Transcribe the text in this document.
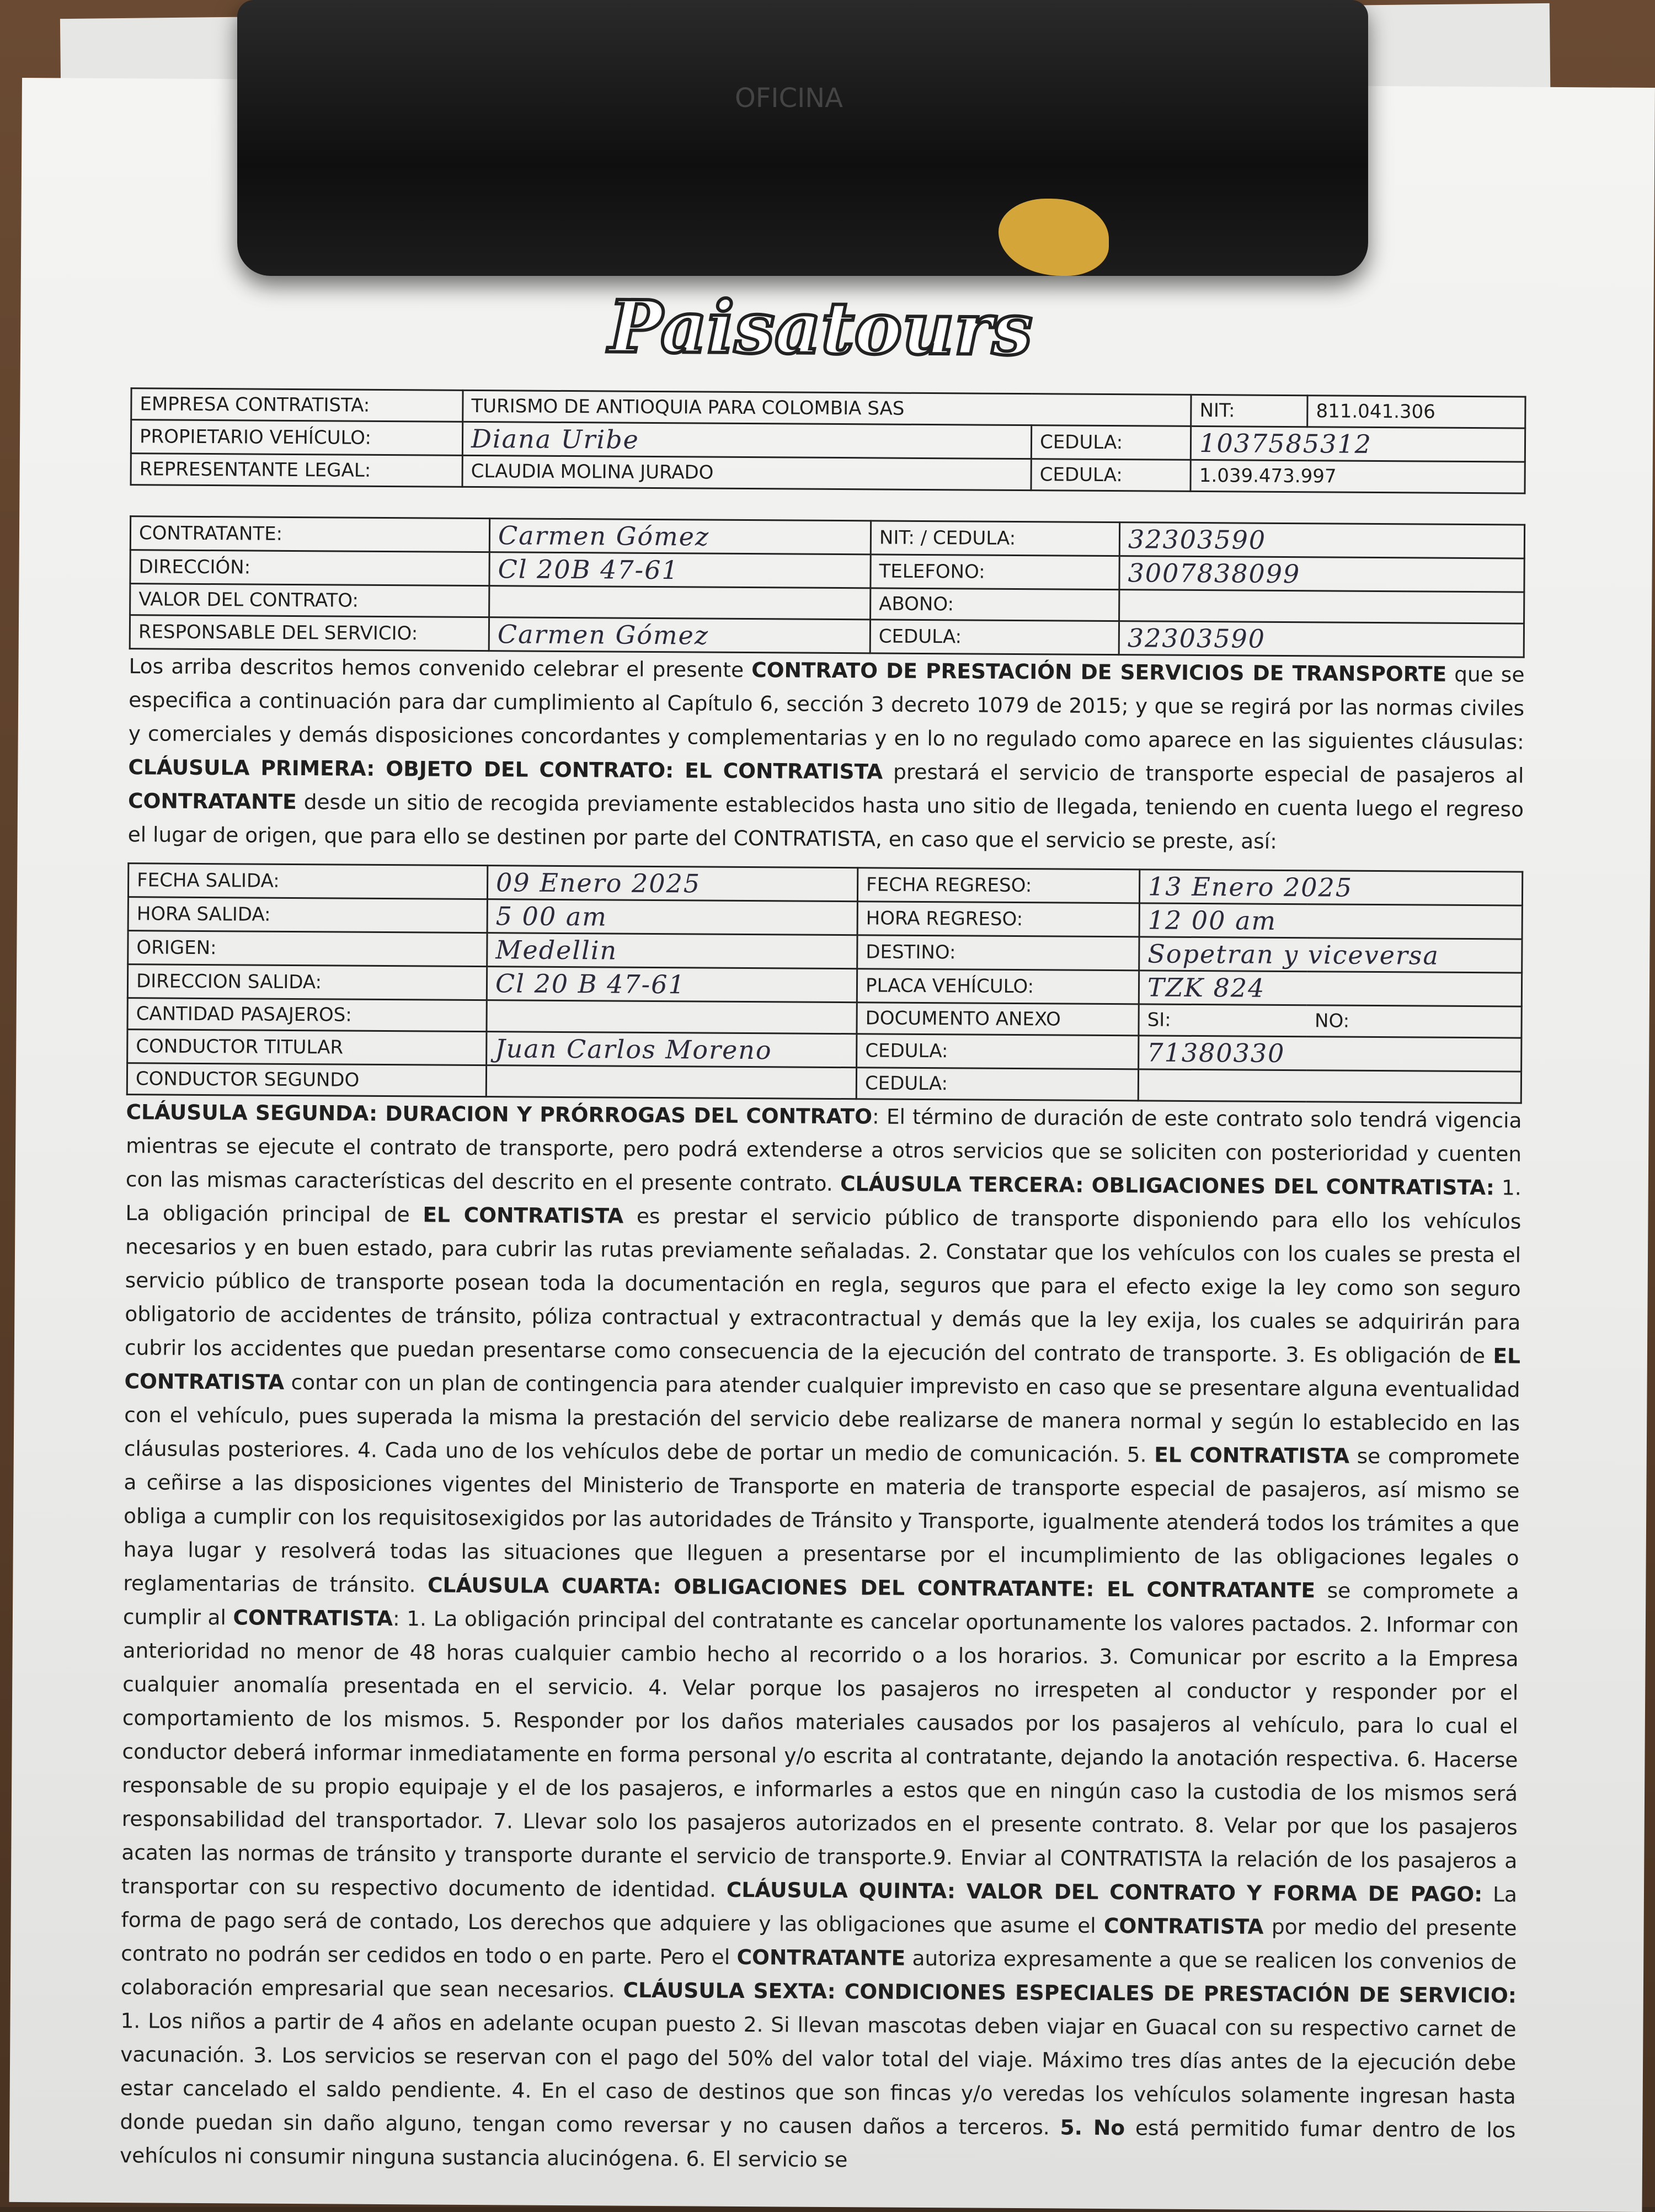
Paisatours
EMPRESA CONTRATISTA:	TURISMO DE ANTIOQUIA PARA COLOMBIA SAS		NIT:	811.041.306
PROPIETARIO VEHÍCULO:	Diana Uribe	CEDULA:	1037585312	
REPRESENTANTE LEGAL:	CLAUDIA MOLINA JURADO	CEDULA:	1.039.473.997	
CONTRATANTE:	Carmen Gómez	NIT: / CEDULA:	32303590
DIRECCIÓN:	Cl 20B 47-61	TELEFONO:	3007838099
VALOR DEL CONTRATO:		ABONO:	
RESPONSABLE DEL SERVICIO:	Carmen Gómez	CEDULA:	32303590

Los arriba descritos hemos convenido celebrar el presente CONTRATO DE PRESTACIÓN DE SERVICIOS DE TRANSPORTE que se especifica a continuación para dar cumplimiento al Capítulo 6, sección 3 decreto 1079 de 2015; y que se regirá por las normas civiles y comerciales y demás disposiciones concordantes y complementarias y en lo no regulado como aparece en las siguientes cláusulas: CLÁUSULA PRIMERA: OBJETO DEL CONTRATO: EL CONTRATISTA prestará el servicio de transporte especial de pasajeros al CONTRATANTE desde un sitio de recogida previamente establecidos hasta uno sitio de llegada, teniendo en cuenta luego el regreso el lugar de origen, que para ello se destinen por parte del CONTRATISTA, en caso que el servicio se preste, así:

FECHA SALIDA:	09 Enero 2025	FECHA REGRESO:	13 Enero 2025	
HORA SALIDA:	5 00 am	HORA REGRESO:	12 00 am	
ORIGEN:	Medellin	DESTINO:	Sopetran y viceversa	
DIRECCION SALIDA:	Cl 20 B 47-61	PLACA VEHÍCULO:	TZK 824	
CANTIDAD PASAJEROS:		DOCUMENTO ANEXO	SI:	NO:
CONDUCTOR TITULAR	Juan Carlos Moreno	CEDULA:	71380330	
CONDUCTOR SEGUNDO		CEDULA:		

CLÁUSULA SEGUNDA: DURACION Y PRÓRROGAS DEL CONTRATO: El término de duración de este contrato solo tendrá vigencia mientras se ejecute el contrato de transporte, pero podrá extenderse a otros servicios que se soliciten con posterioridad y cuenten con las mismas características del descrito en el presente contrato. CLÁUSULA TERCERA: OBLIGACIONES DEL CONTRATISTA: 1. La obligación principal de EL CONTRATISTA es prestar el servicio público de transporte disponiendo para ello los vehículos necesarios y en buen estado, para cubrir las rutas previamente señaladas. 2. Constatar que los vehículos con los cuales se presta el servicio público de transporte posean toda la documentación en regla, seguros que para el efecto exige la ley como son seguro obligatorio de accidentes de tránsito, póliza contractual y extracontractual y demás que la ley exija, los cuales se adquirirán para cubrir los accidentes que puedan presentarse como consecuencia de la ejecución del contrato de transporte. 3. Es obligación de EL CONTRATISTA contar con un plan de contingencia para atender cualquier imprevisto en caso que se presentare alguna eventualidad con el vehículo, pues superada la misma la prestación del servicio debe realizarse de manera normal y según lo establecido en las cláusulas posteriores. 4. Cada uno de los vehículos debe de portar un medio de comunicación. 5. EL CONTRATISTA se compromete a ceñirse a las disposiciones vigentes del Ministerio de Transporte en materia de transporte especial de pasajeros, así mismo se obliga a cumplir con los requisitosexigidos por las autoridades de Tránsito y Transporte, igualmente atenderá todos los trámites a que haya lugar y resolverá todas las situaciones que lleguen a presentarse por el incumplimiento de las obligaciones legales o reglamentarias de tránsito. CLÁUSULA CUARTA: OBLIGACIONES DEL CONTRATANTE: EL CONTRATANTE se compromete a cumplir al CONTRATISTA: 1. La obligación principal del contratante es cancelar oportunamente los valores pactados. 2. Informar con anterioridad no menor de 48 horas cualquier cambio hecho al recorrido o a los horarios. 3. Comunicar por escrito a la Empresa cualquier anomalía presentada en el servicio. 4. Velar porque los pasajeros no irrespeten al conductor y responder por el comportamiento de los mismos. 5. Responder por los daños materiales causados por los pasajeros al vehículo, para lo cual el conductor deberá informar inmediatamente en forma personal y/o escrita al contratante, dejando la anotación respectiva. 6. Hacerse responsable de su propio equipaje y el de los pasajeros, e informarles a estos que en ningún caso la custodia de los mismos será responsabilidad del transportador. 7. Llevar solo los pasajeros autorizados en el presente contrato. 8. Velar por que los pasajeros acaten las normas de tránsito y transporte durante el servicio de transporte.9. Enviar al CONTRATISTA la relación de los pasajeros a transportar con su respectivo documento de identidad. CLÁUSULA QUINTA: VALOR DEL CONTRATO Y FORMA DE PAGO: La forma de pago será de contado, Los derechos que adquiere y las obligaciones que asume el CONTRATISTA por medio del presente contrato no podrán ser cedidos en todo o en parte. Pero el CONTRATANTE autoriza expresamente a que se realicen los convenios de colaboración empresarial que sean necesarios. CLÁUSULA SEXTA: CONDICIONES ESPECIALES DE PRESTACIÓN DE SERVICIO: 1. Los niños a partir de 4 años en adelante ocupan puesto 2. Si llevan mascotas deben viajar en Guacal con su respectivo carnet de vacunación. 3. Los servicios se reservan con el pago del 50% del valor total del viaje. Máximo tres días antes de la ejecución debe estar cancelado el saldo pendiente. 4. En el caso de destinos que son fincas y/o veredas los vehículos solamente ingresan hasta donde puedan sin daño alguno, tengan como reversar y no causen daños a terceros. 5. No está permitido fumar dentro de los vehículos ni consumir ninguna sustancia alucinógena. 6. El servicio se

OFICINA
